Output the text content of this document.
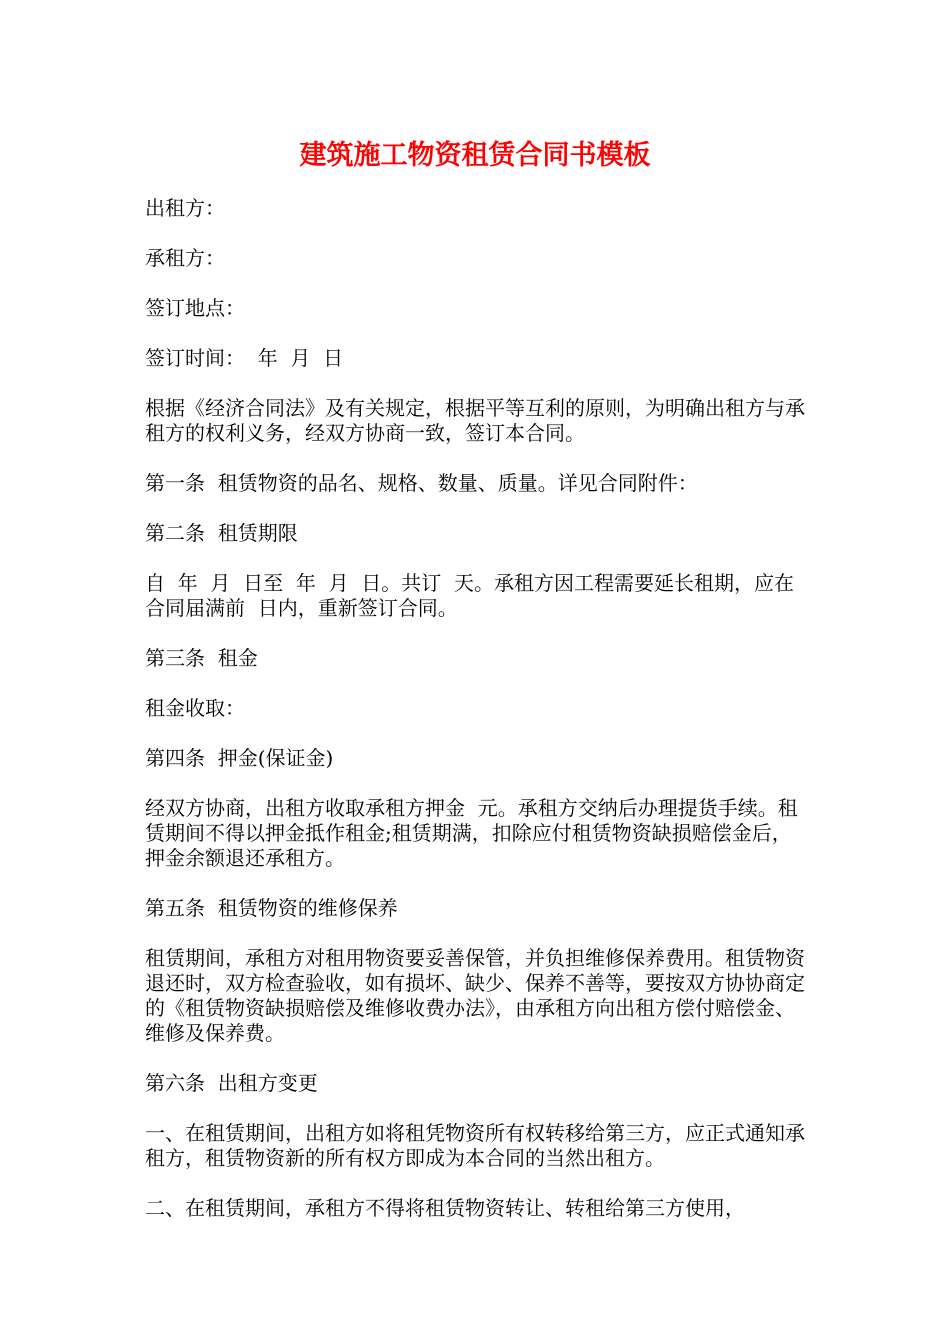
建筑施工物资租赁合同书模板

出租方：

承租方：

签订地点：

签订时间：  年  月  日

根据《经济合同法》及有关规定，根据平等互利的原则，为明确出租方与承租方的权利义务，经双方协商一致，签订本合同。

第一条  租赁物资的品名、规格、数量、质量。详见合同附件：

第二条  租赁期限

自  年  月  日至  年  月  日。共订  天。承租方因工程需要延长租期，应在合同届满前  日内，重新签订合同。

第三条  租金

租金收取：

第四条  押金(保证金)

经双方协商，出租方收取承租方押金  元。承租方交纳后办理提货手续。租赁期间不得以押金抵作租金;租赁期满，扣除应付租赁物资缺损赔偿金后，押金余额退还承租方。

第五条  租赁物资的维修保养

租赁期间，承租方对租用物资要妥善保管，并负担维修保养费用。租赁物资退还时，双方检查验收，如有损坏、缺少、保养不善等，要按双方协协商定的《租赁物资缺损赔偿及维修收费办法》，由承租方向出租方偿付赔偿金、维修及保养费。

第六条  出租方变更

一、在租赁期间，出租方如将租凭物资所有权转移给第三方，应正式通知承租方，租赁物资新的所有权方即成为本合同的当然出租方。

二、在租赁期间，承租方不得将租赁物资转让、转租给第三方使用，
